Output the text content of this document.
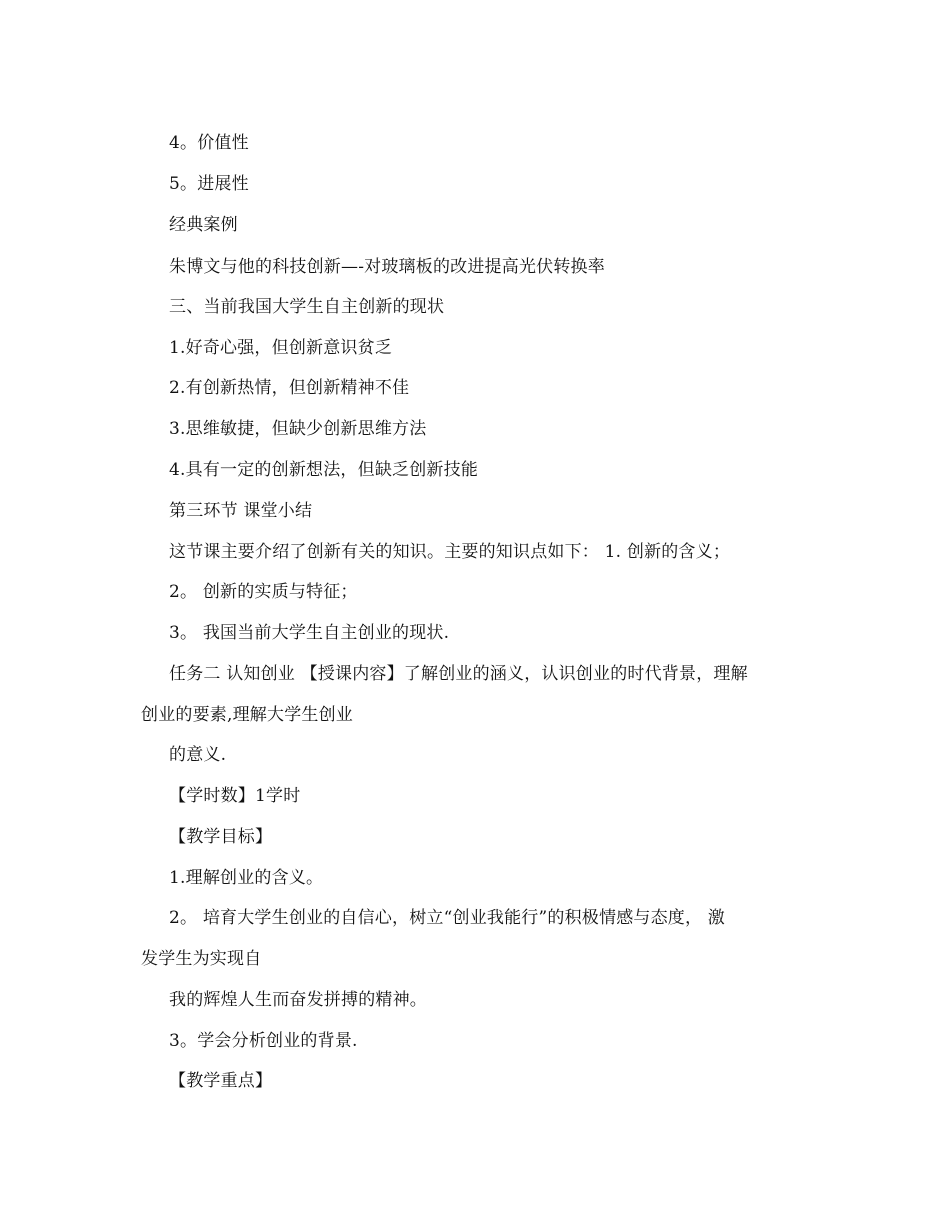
4。价值性
5。进展性
经典案例
朱博文与他的科技创新—-对玻璃板的改进提高光伏转换率
三、当前我国大学生自主创新的现状
1.好奇心强，但创新意识贫乏
2.有创新热情，但创新精神不佳
3.思维敏捷，但缺少创新思维方法
4.具有一定的创新想法，但缺乏创新技能
第三环节 课堂小结
这节课主要介绍了创新有关的知识。主要的知识点如下： 1. 创新的含义；
2。 创新的实质与特征；
3。 我国当前大学生自主创业的现状.
任务二 认知创业 【授课内容】了解创业的涵义，认识创业的时代背景，理解
创业的要素,理解大学生创业
的意义.
【学时数】1学时
【教学目标】
1.理解创业的含义。
2。 培育大学生创业的自信心，树立“创业我能行”的积极情感与态度， 激
发学生为实现自
我的辉煌人生而奋发拼搏的精神。
3。学会分析创业的背景.
【教学重点】
